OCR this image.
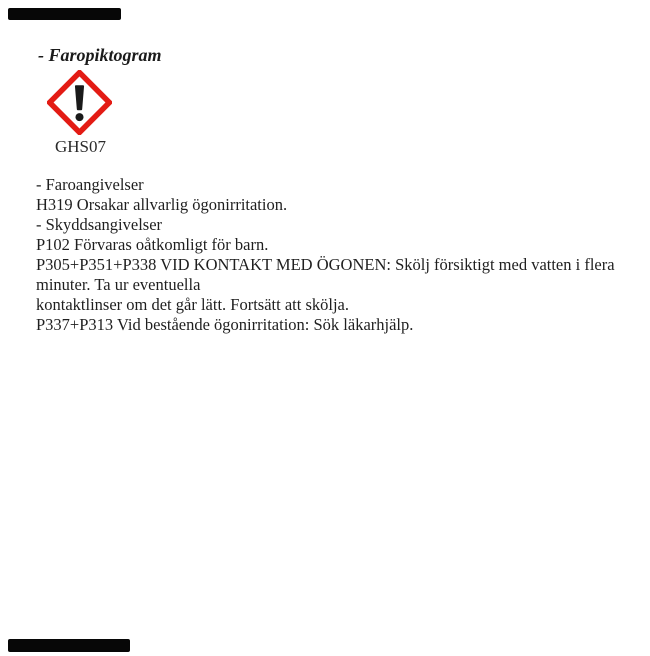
- Faropiktogram
GHS07
- Faroangivelser
H319 Orsakar allvarlig ögonirritation.
- Skyddsangivelser
P102 Förvaras oåtkomligt för barn.
P305+P351+P338 VID KONTAKT MED ÖGONEN: Skölj försiktigt med vatten i flera
minuter. Ta ur eventuella
kontaktlinser om det går lätt. Fortsätt att skölja.
P337+P313 Vid bestående ögonirritation: Sök läkarhjälp.
